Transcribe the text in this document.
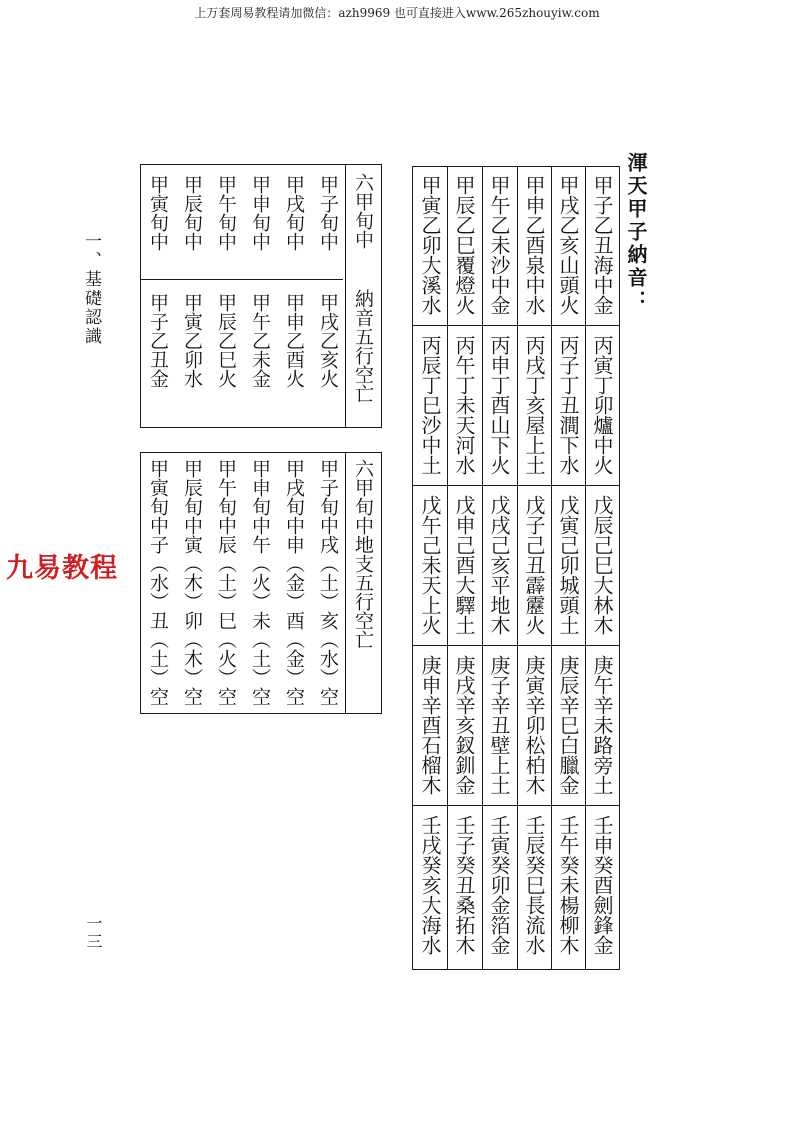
上万套周易教程请加微信：azh9969 也可直接进入www.265zhouyiw.com
九易教程
一、基礎認識
一三
渾天甲子納音：
甲子乙丑海中金
丙寅丁卯爐中火
戊辰己巳大林木
庚午辛未路旁土
壬申癸酉劍鋒金
甲戌乙亥山頭火
丙子丁丑澗下水
戊寅己卯城頭土
庚辰辛巳白臘金
壬午癸未楊柳木
甲申乙酉泉中水
丙戌丁亥屋上土
戊子己丑霹靂火
庚寅辛卯松柏木
壬辰癸巳長流水
甲午乙未沙中金
丙申丁酉山下火
戊戌己亥平地木
庚子辛丑壁上土
壬寅癸卯金箔金
甲辰乙巳覆燈火
丙午丁未天河水
戊申己酉大驛土
庚戌辛亥釵釧金
壬子癸丑桑拓木
甲寅乙卯大溪水
丙辰丁巳沙中土
戊午己未天上火
庚申辛酉石榴木
壬戌癸亥大海水
六甲旬中
納音五行空亡
甲子旬中
甲戌旬中
甲申旬中
甲午旬中
甲辰旬中
甲寅旬中
甲戌乙亥火
甲申乙酉火
甲午乙未金
甲辰乙巳火
甲寅乙卯水
甲子乙丑金
六甲旬中地支五行空亡
甲子旬中戌（土）亥（水）空
甲戌旬中申（金）酉（金）空
甲申旬中午（火）未（土）空
甲午旬中辰（土）巳（火）空
甲辰旬中寅（木）卯（木）空
甲寅旬中子（水）丑（土）空
